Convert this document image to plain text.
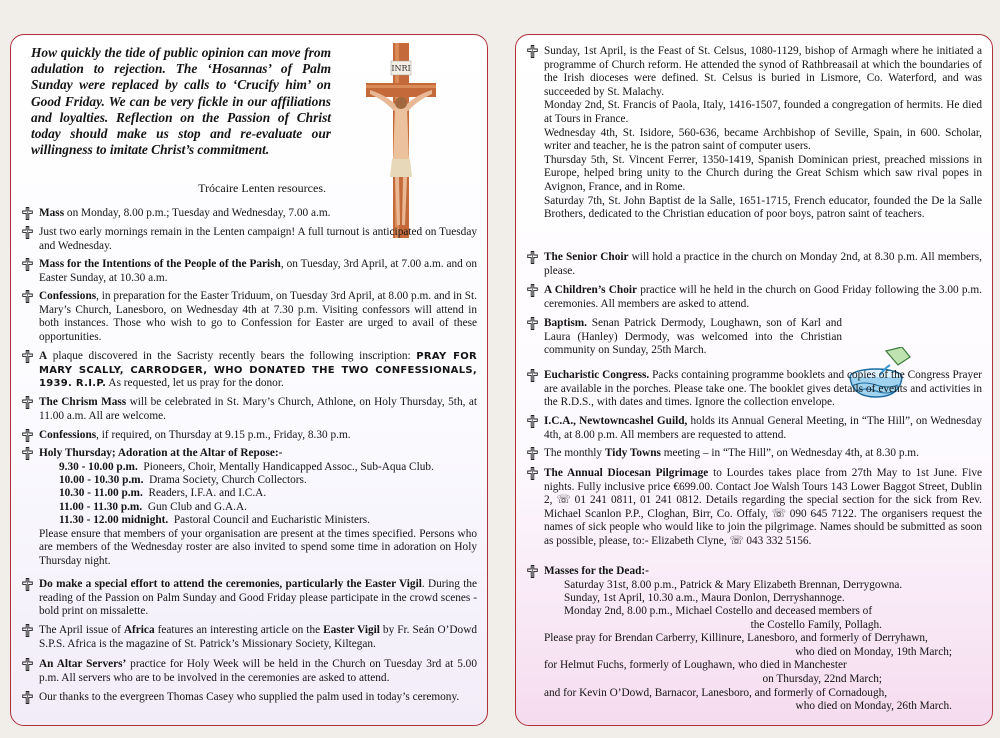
How quickly the tide of public opinion can move from adulation to rejection. The ‘Hosannas’ of Palm Sunday were replaced by calls to ‘Crucify him’ on Good Friday. We can be very fickle in our affiliations and loyalties. Reflection on the Passion of Christ today should make us stop and re-evaluate our willingness to imitate Christ’s commitment.
Trócaire Lenten resources.
INRI
Mass on Monday, 8.00 p.m.; Tuesday and Wednesday, 7.00 a.m.
Just two early mornings remain in the Lenten campaign! A full turnout is anticipated on Tuesday and Wednesday.
Mass for the Intentions of the People of the Parish, on Tuesday, 3rd April, at 7.00 a.m. and on Easter Sunday, at 10.30 a.m.
Confessions, in preparation for the Easter Triduum, on Tuesday 3rd April, at 8.00 p.m. and in St. Mary’s Church, Lanesboro, on Wednesday 4th at 7.30 p.m. Visiting confessors will attend in both instances. Those who wish to go to Confession for Easter are urged to avail of these opportunities.
A plaque discovered in the Sacristy recently bears the following inscription: PRAY FOR MARY SCALLY, CARRODGER, WHO DONATED THE TWO CONFESSIONALS, 1939. R.I.P. As requested, let us pray for the donor.
The Chrism Mass will be celebrated in St. Mary’s Church, Athlone, on Holy Thursday, 5th, at 11.00 a.m. All are welcome.
Confessions, if required, on Thursday at 9.15 p.m., Friday, 8.30 p.m.
Holy Thursday; Adoration at the Altar of Repose:-
9.30 - 10.00 p.m. Pioneers, Choir, Mentally Handicapped Assoc., Sub-Aqua Club.
10.00 - 10.30 p.m. Drama Society, Church Collectors.
10.30 - 11.00 p.m. Readers, I.F.A. and I.C.A.
11.00 - 11.30 p.m. Gun Club and G.A.A.
11.30 - 12.00 midnight. Pastoral Council and Eucharistic Ministers.
Please ensure that members of your organisation are present at the times specified. Persons who are members of the Wednesday roster are also invited to spend some time in adoration on Holy Thursday night.
Do make a special effort to attend the ceremonies, particularly the Easter Vigil. During the reading of the Passion on Palm Sunday and Good Friday please participate in the crowd scenes - bold print on missalette.
The April issue of Africa features an interesting article on the Easter Vigil by Fr. Seán O’Dowd S.P.S. Africa is the magazine of St. Patrick’s Missionary Society, Kiltegan.
An Altar Servers’ practice for Holy Week will be held in the Church on Tuesday 3rd at 5.00 p.m. All servers who are to be involved in the ceremonies are asked to attend.
Our thanks to the evergreen Thomas Casey who supplied the palm used in today’s ceremony.
Sunday, 1st April, is the Feast of St. Celsus, 1080-1129, bishop of Armagh where he initiated a programme of Church reform. He attended the synod of Rathbreasail at which the boundaries of the Irish dioceses were defined. St. Celsus is buried in Lismore, Co. Waterford, and was succeeded by St. Malachy.
Monday 2nd, St. Francis of Paola, Italy, 1416-1507, founded a congregation of hermits. He died at Tours in France.
Wednesday 4th, St. Isidore, 560-636, became Archbishop of Seville, Spain, in 600. Scholar, writer and teacher, he is the patron saint of computer users.
Thursday 5th, St. Vincent Ferrer, 1350-1419, Spanish Dominican priest, preached missions in Europe, helped bring unity to the Church during the Great Schism which saw rival popes in Avignon, France, and in Rome.
Saturday 7th, St. John Baptist de la Salle, 1651-1715, French educator, founded the De la Salle Brothers, dedicated to the Christian education of poor boys, patron saint of teachers.
The Senior Choir will hold a practice in the church on Monday 2nd, at 8.30 p.m. All members, please.
A Children’s Choir practice will he held in the church on Good Friday following the 3.00 p.m. ceremonies. All members are asked to attend.
Baptism. Senan Patrick Dermody, Loughawn, son of Karl and Laura (Hanley) Dermody, was welcomed into the Christian community on Sunday, 25th March.
Eucharistic Congress. Packs containing programme booklets and copies of the Congress Prayer are available in the porches. Please take one. The booklet gives details of events and activities in the R.D.S., with dates and times. Ignore the collection envelope.
I.C.A., Newtowncashel Guild, holds its Annual General Meeting, in “The Hill”, on Wednesday 4th, at 8.00 p.m. All members are requested to attend.
The monthly Tidy Towns meeting – in “The Hill”, on Wednesday 4th, at 8.30 p.m.
The Annual Diocesan Pilgrimage to Lourdes takes place from 27th May to 1st June. Five nights. Fully inclusive price €699.00. Contact Joe Walsh Tours 143 Lower Baggot Street, Dublin 2, ☏ 01 241 0811, 01 241 0812. Details regarding the special section for the sick from Rev. Michael Scanlon P.P., Cloghan, Birr, Co. Offaly, ☏ 090 645 7122. The organisers request the names of sick people who would like to join the pilgrimage. Names should be submitted as soon as possible, please, to:- Elizabeth Clyne, ☏ 043 332 5156.
Masses for the Dead:-
Saturday 31st, 8.00 p.m., Patrick & Mary Elizabeth Brennan, Derrygowna.
Sunday, 1st April, 10.30 a.m., Maura Donlon, Derryshannoge.
Monday 2nd, 8.00 p.m., Michael Costello and deceased members of
the Costello Family, Pollagh.
Please pray for Brendan Carberry, Killinure, Lanesboro, and formerly of Derryhawn,
who died on Monday, 19th March;
for Helmut Fuchs, formerly of Loughawn, who died in Manchester
on Thursday, 22nd March;
and for Kevin O’Dowd, Barnacor, Lanesboro, and formerly of Cornadough,
who died on Monday, 26th March.
